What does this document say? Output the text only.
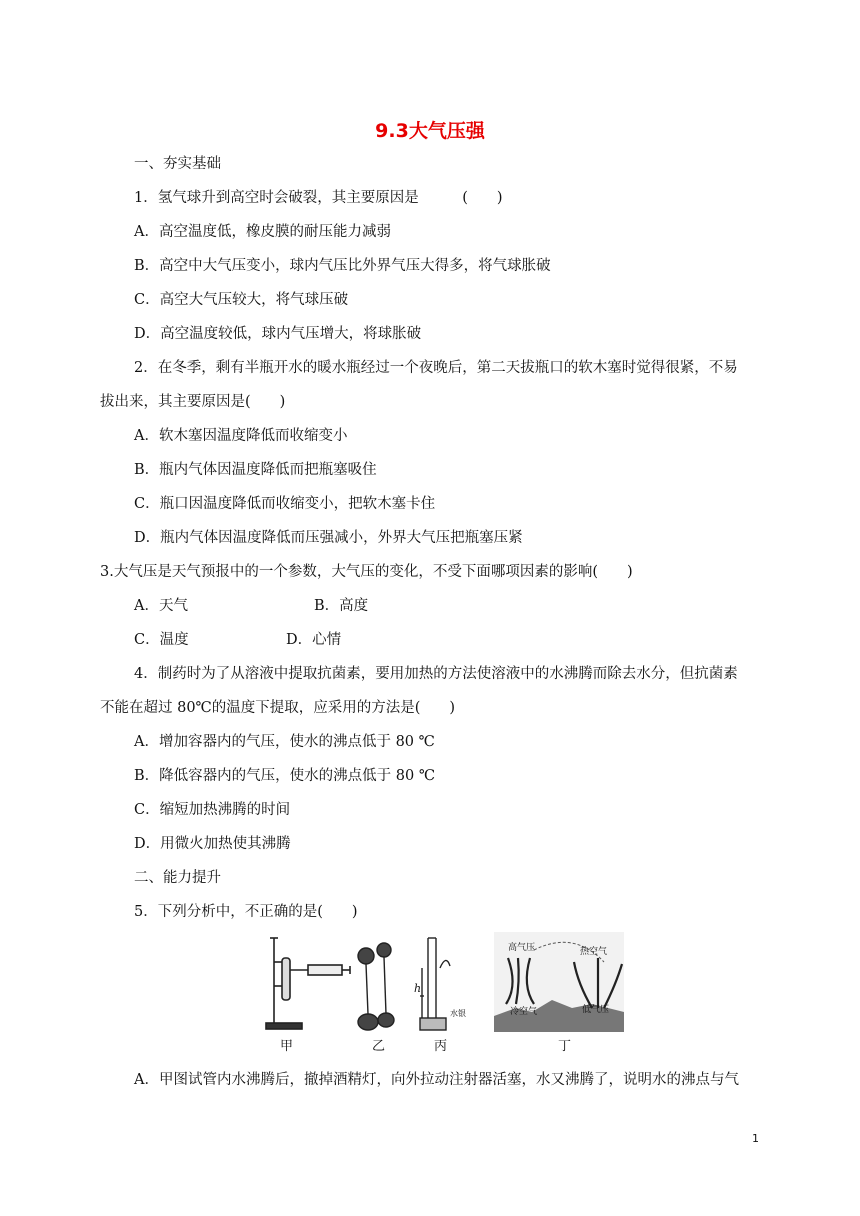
9.3大气压强
一、夯实基础
1．氢气球升到高空时会破裂，其主要原因是　　　(　　)
A．高空温度低，橡皮膜的耐压能力减弱
B．高空中大气压变小，球内气压比外界气压大得多，将气球胀破
C．高空大气压较大，将气球压破
D．高空温度较低，球内气压增大，将球胀破
2．在冬季，剩有半瓶开水的暖水瓶经过一个夜晚后，第二天拔瓶口的软木塞时觉得很紧，不易
拔出来，其主要原因是(　　)
A．软木塞因温度降低而收缩变小
B．瓶内气体因温度降低而把瓶塞吸住
C．瓶口因温度降低而收缩变小，把软木塞卡住
D．瓶内气体因温度降低而压强减小，外界大气压把瓶塞压紧
3.大气压是天气预报中的一个参数，大气压的变化，不受下面哪项因素的影响(　　)
A．天气	B．高度
C．温度	D．心情
4．制药时为了从溶液中提取抗菌素，要用加热的方法使溶液中的水沸腾而除去水分，但抗菌素
不能在超过 80℃的温度下提取，应采用的方法是(　　)
A．增加容器内的气压，使水的沸点低于 80 ℃
B．降低容器内的气压，使水的沸点低于 80 ℃
C．缩短加热沸腾的时间
D．用微火加热使其沸腾
二、能力提升
5．下列分析中，不正确的是(　　)
h
水银
高气压	热空气
冷空气	低气压
甲	乙	丙	丁
A．甲图试管内水沸腾后，撤掉酒精灯，向外拉动注射器活塞，水又沸腾了，说明水的沸点与气
1
